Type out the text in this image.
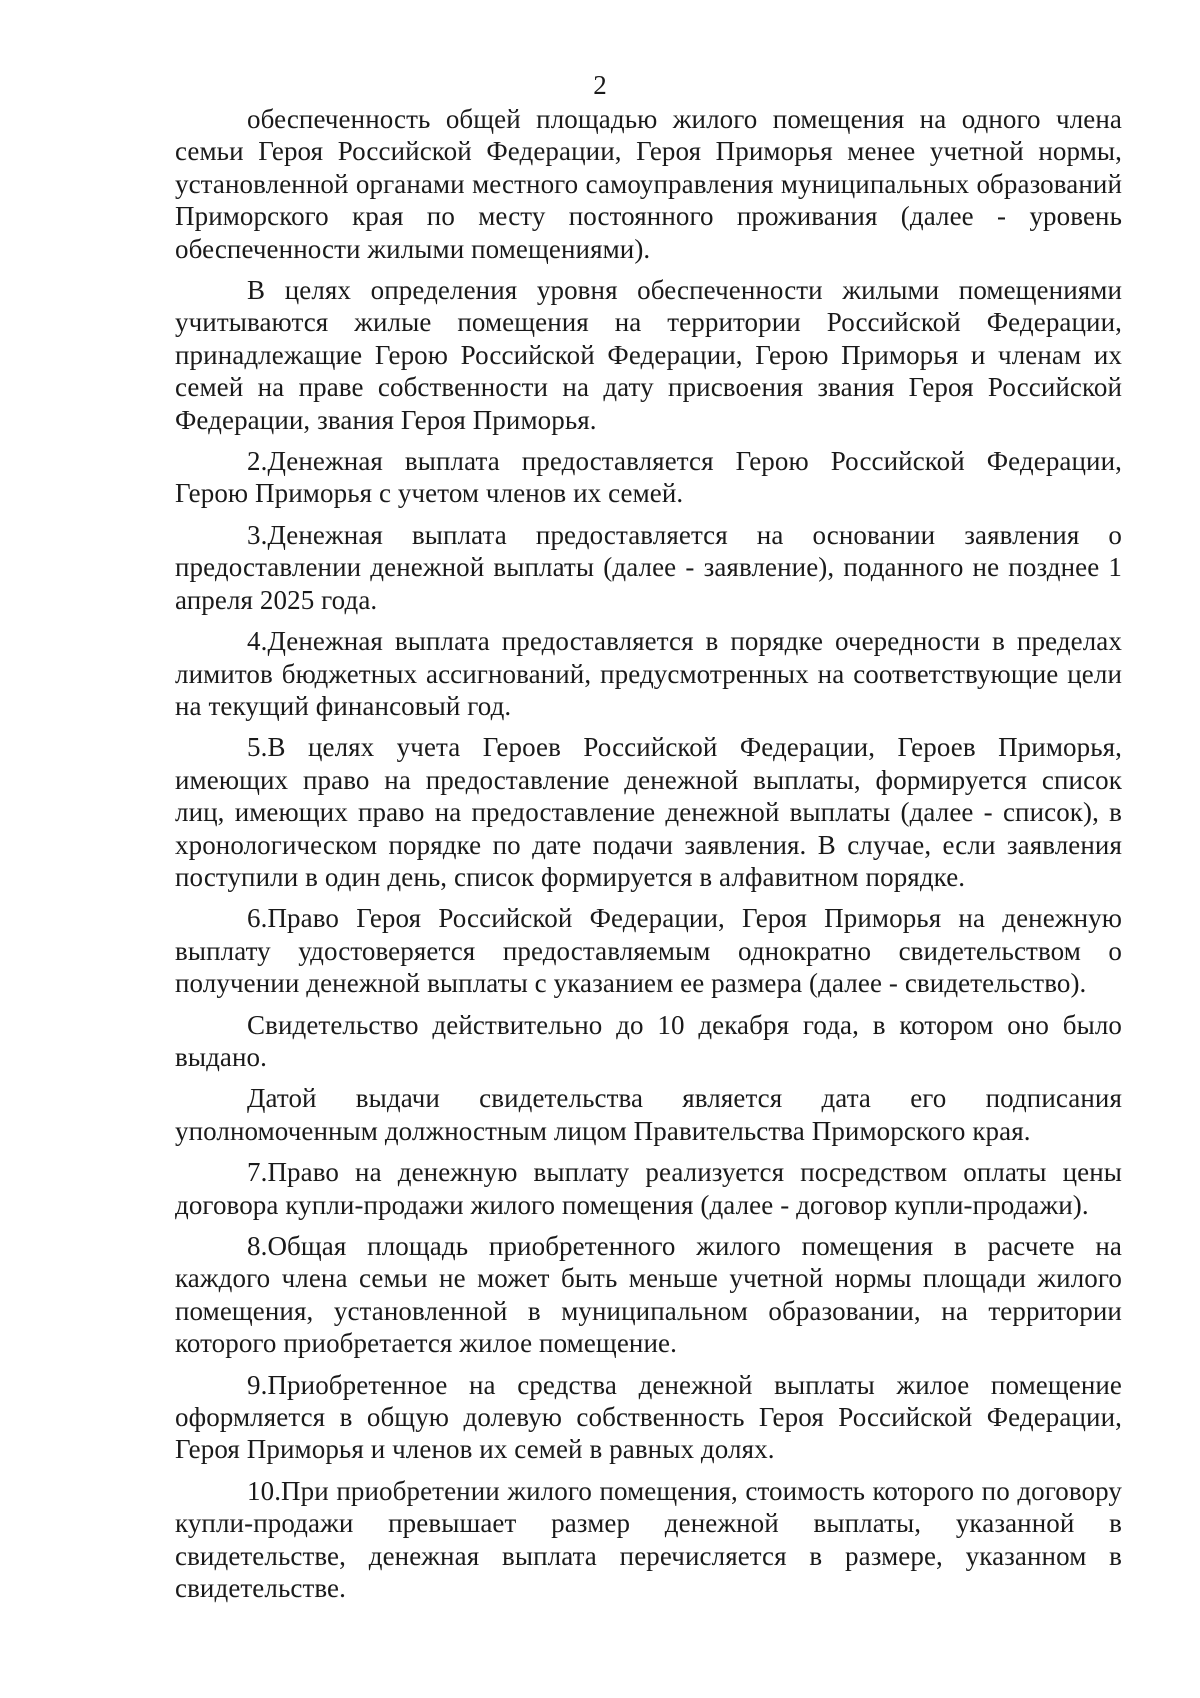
2

обеспеченность общей площадью жилого помещения на одного члена семьи Героя Российской Федерации, Героя Приморья менее учетной нормы, установленной органами местного самоуправления муниципальных образований Приморского края по месту постоянного проживания (далее - уровень обеспеченности жилыми помещениями).

В целях определения уровня обеспеченности жилыми помещениями учитываются жилые помещения на территории Российской Федерации, принадлежащие Герою Российской Федерации, Герою Приморья и членам их семей на праве собственности на дату присвоения звания Героя Российской Федерации, звания Героя Приморья.

2.Денежная выплата предоставляется Герою Российской Федерации, Герою Приморья с учетом членов их семей.

3.Денежная выплата предоставляется на основании заявления о предоставлении денежной выплаты (далее - заявление), поданного не позднее 1 апреля 2025 года.

4.Денежная выплата предоставляется в порядке очередности в пределах лимитов бюджетных ассигнований, предусмотренных на соответствующие цели на текущий финансовый год.

5.В целях учета Героев Российской Федерации, Героев Приморья, имеющих право на предоставление денежной выплаты, формируется список лиц, имеющих право на предоставление денежной выплаты (далее - список), в хронологическом порядке по дате подачи заявления. В случае, если заявления поступили в один день, список формируется в алфавитном порядке.

6.Право Героя Российской Федерации, Героя Приморья на денежную выплату удостоверяется предоставляемым однократно свидетельством о получении денежной выплаты с указанием ее размера (далее - свидетельство).

Свидетельство действительно до 10 декабря года, в котором оно было выдано.

Датой выдачи свидетельства является дата его подписания уполномоченным должностным лицом Правительства Приморского края.

7.Право на денежную выплату реализуется посредством оплаты цены договора купли-продажи жилого помещения (далее - договор купли-продажи).

8.Общая площадь приобретенного жилого помещения в расчете на каждого члена семьи не может быть меньше учетной нормы площади жилого помещения, установленной в муниципальном образовании, на территории которого приобретается жилое помещение.

9.Приобретенное на средства денежной выплаты жилое помещение оформляется в общую долевую собственность Героя Российской Федерации, Героя Приморья и членов их семей в равных долях.

10.При приобретении жилого помещения, стоимость которого по договору купли-продажи превышает размер денежной выплаты, указанной в свидетельстве, денежная выплата перечисляется в размере, указанном в свидетельстве.
